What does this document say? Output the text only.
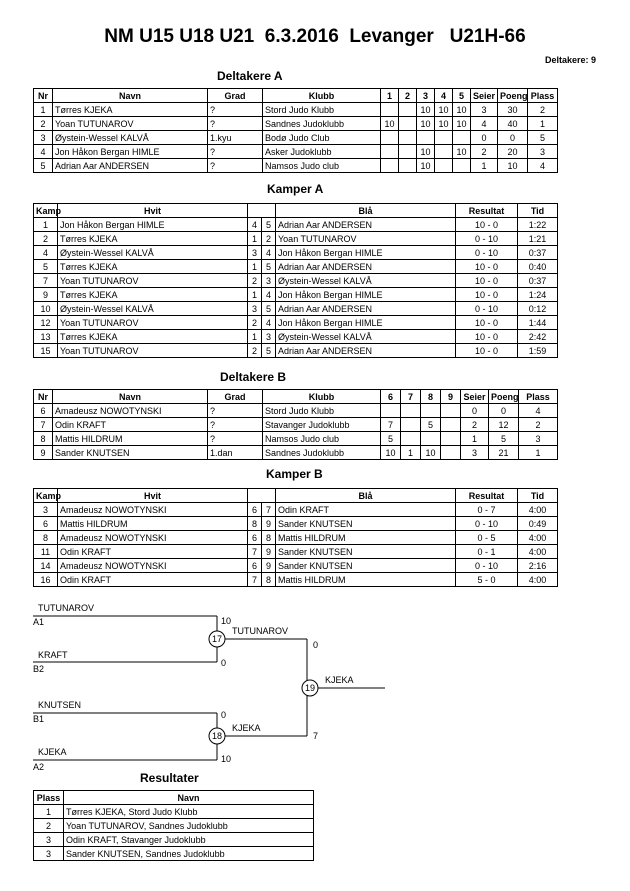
NM U15 U18 U21  6.3.2016  Levanger   U21H-66
Deltakere: 9
Deltakere A
Nr	Navn	Grad	Klubb	1	2	3	4	5	Seier	Poeng	Plass
1	Tørres KJEKA	?	Stord Judo Klubb			10	10	10	3	30	2
2	Yoan TUTUNAROV	?	Sandnes Judoklubb	10		10	10	10	4	40	1
3	Øystein-Wessel KALVÅ	1.kyu	Bodø Judo Club						0	0	5
4	Jon Håkon Bergan HIMLE	?	Asker Judoklubb			10		10	2	20	3
5	Adrian Aar ANDERSEN	?	Namsos Judo club			10			1	10	4
Kamper A
Kamp	Hvit			Blå	Resultat	Tid
1	Jon Håkon Bergan HIMLE	4	5	Adrian Aar ANDERSEN	10 - 0	1:22
2	Tørres KJEKA	1	2	Yoan TUTUNAROV	0 - 10	1:21
4	Øystein-Wessel KALVÅ	3	4	Jon Håkon Bergan HIMLE	0 - 10	0:37
5	Tørres KJEKA	1	5	Adrian Aar ANDERSEN	10 - 0	0:40
7	Yoan TUTUNAROV	2	3	Øystein-Wessel KALVÅ	10 - 0	0:37
9	Tørres KJEKA	1	4	Jon Håkon Bergan HIMLE	10 - 0	1:24
10	Øystein-Wessel KALVÅ	3	5	Adrian Aar ANDERSEN	0 - 10	0:12
12	Yoan TUTUNAROV	2	4	Jon Håkon Bergan HIMLE	10 - 0	1:44
13	Tørres KJEKA	1	3	Øystein-Wessel KALVÅ	10 - 0	2:42
15	Yoan TUTUNAROV	2	5	Adrian Aar ANDERSEN	10 - 0	1:59
Deltakere B
Nr	Navn	Grad	Klubb	6	7	8	9	Seier	Poeng	Plass
6	Amadeusz NOWOTYNSKI	?	Stord Judo Klubb					0	0	4
7	Odin KRAFT	?	Stavanger Judoklubb	7		5		2	12	2
8	Mattis HILDRUM	?	Namsos Judo club	5				1	5	3
9	Sander KNUTSEN	1.dan	Sandnes Judoklubb	10	1	10		3	21	1
Kamper B
Kamp	Hvit			Blå	Resultat	Tid
3	Amadeusz NOWOTYNSKI	6	7	Odin KRAFT	0 - 7	4:00
6	Mattis HILDRUM	8	9	Sander KNUTSEN	0 - 10	0:49
8	Amadeusz NOWOTYNSKI	6	8	Mattis HILDRUM	0 - 5	4:00
11	Odin KRAFT	7	9	Sander KNUTSEN	0 - 1	4:00
14	Amadeusz NOWOTYNSKI	6	9	Sander KNUTSEN	0 - 10	2:16
16	Odin KRAFT	7	8	Mattis HILDRUM	5 - 0	4:00
TUTUNAROV
A1	10
KRAFT
B2
0
17
TUTUNAROV
KNUTSEN
B1	0
KJEKA
A2
10
18
KJEKA
0
7
19
KJEKA
Resultater
Plass	Navn
1	Tørres KJEKA, Stord Judo Klubb
2	Yoan TUTUNAROV, Sandnes Judoklubb
3	Odin KRAFT, Stavanger Judoklubb
3	Sander KNUTSEN, Sandnes Judoklubb
